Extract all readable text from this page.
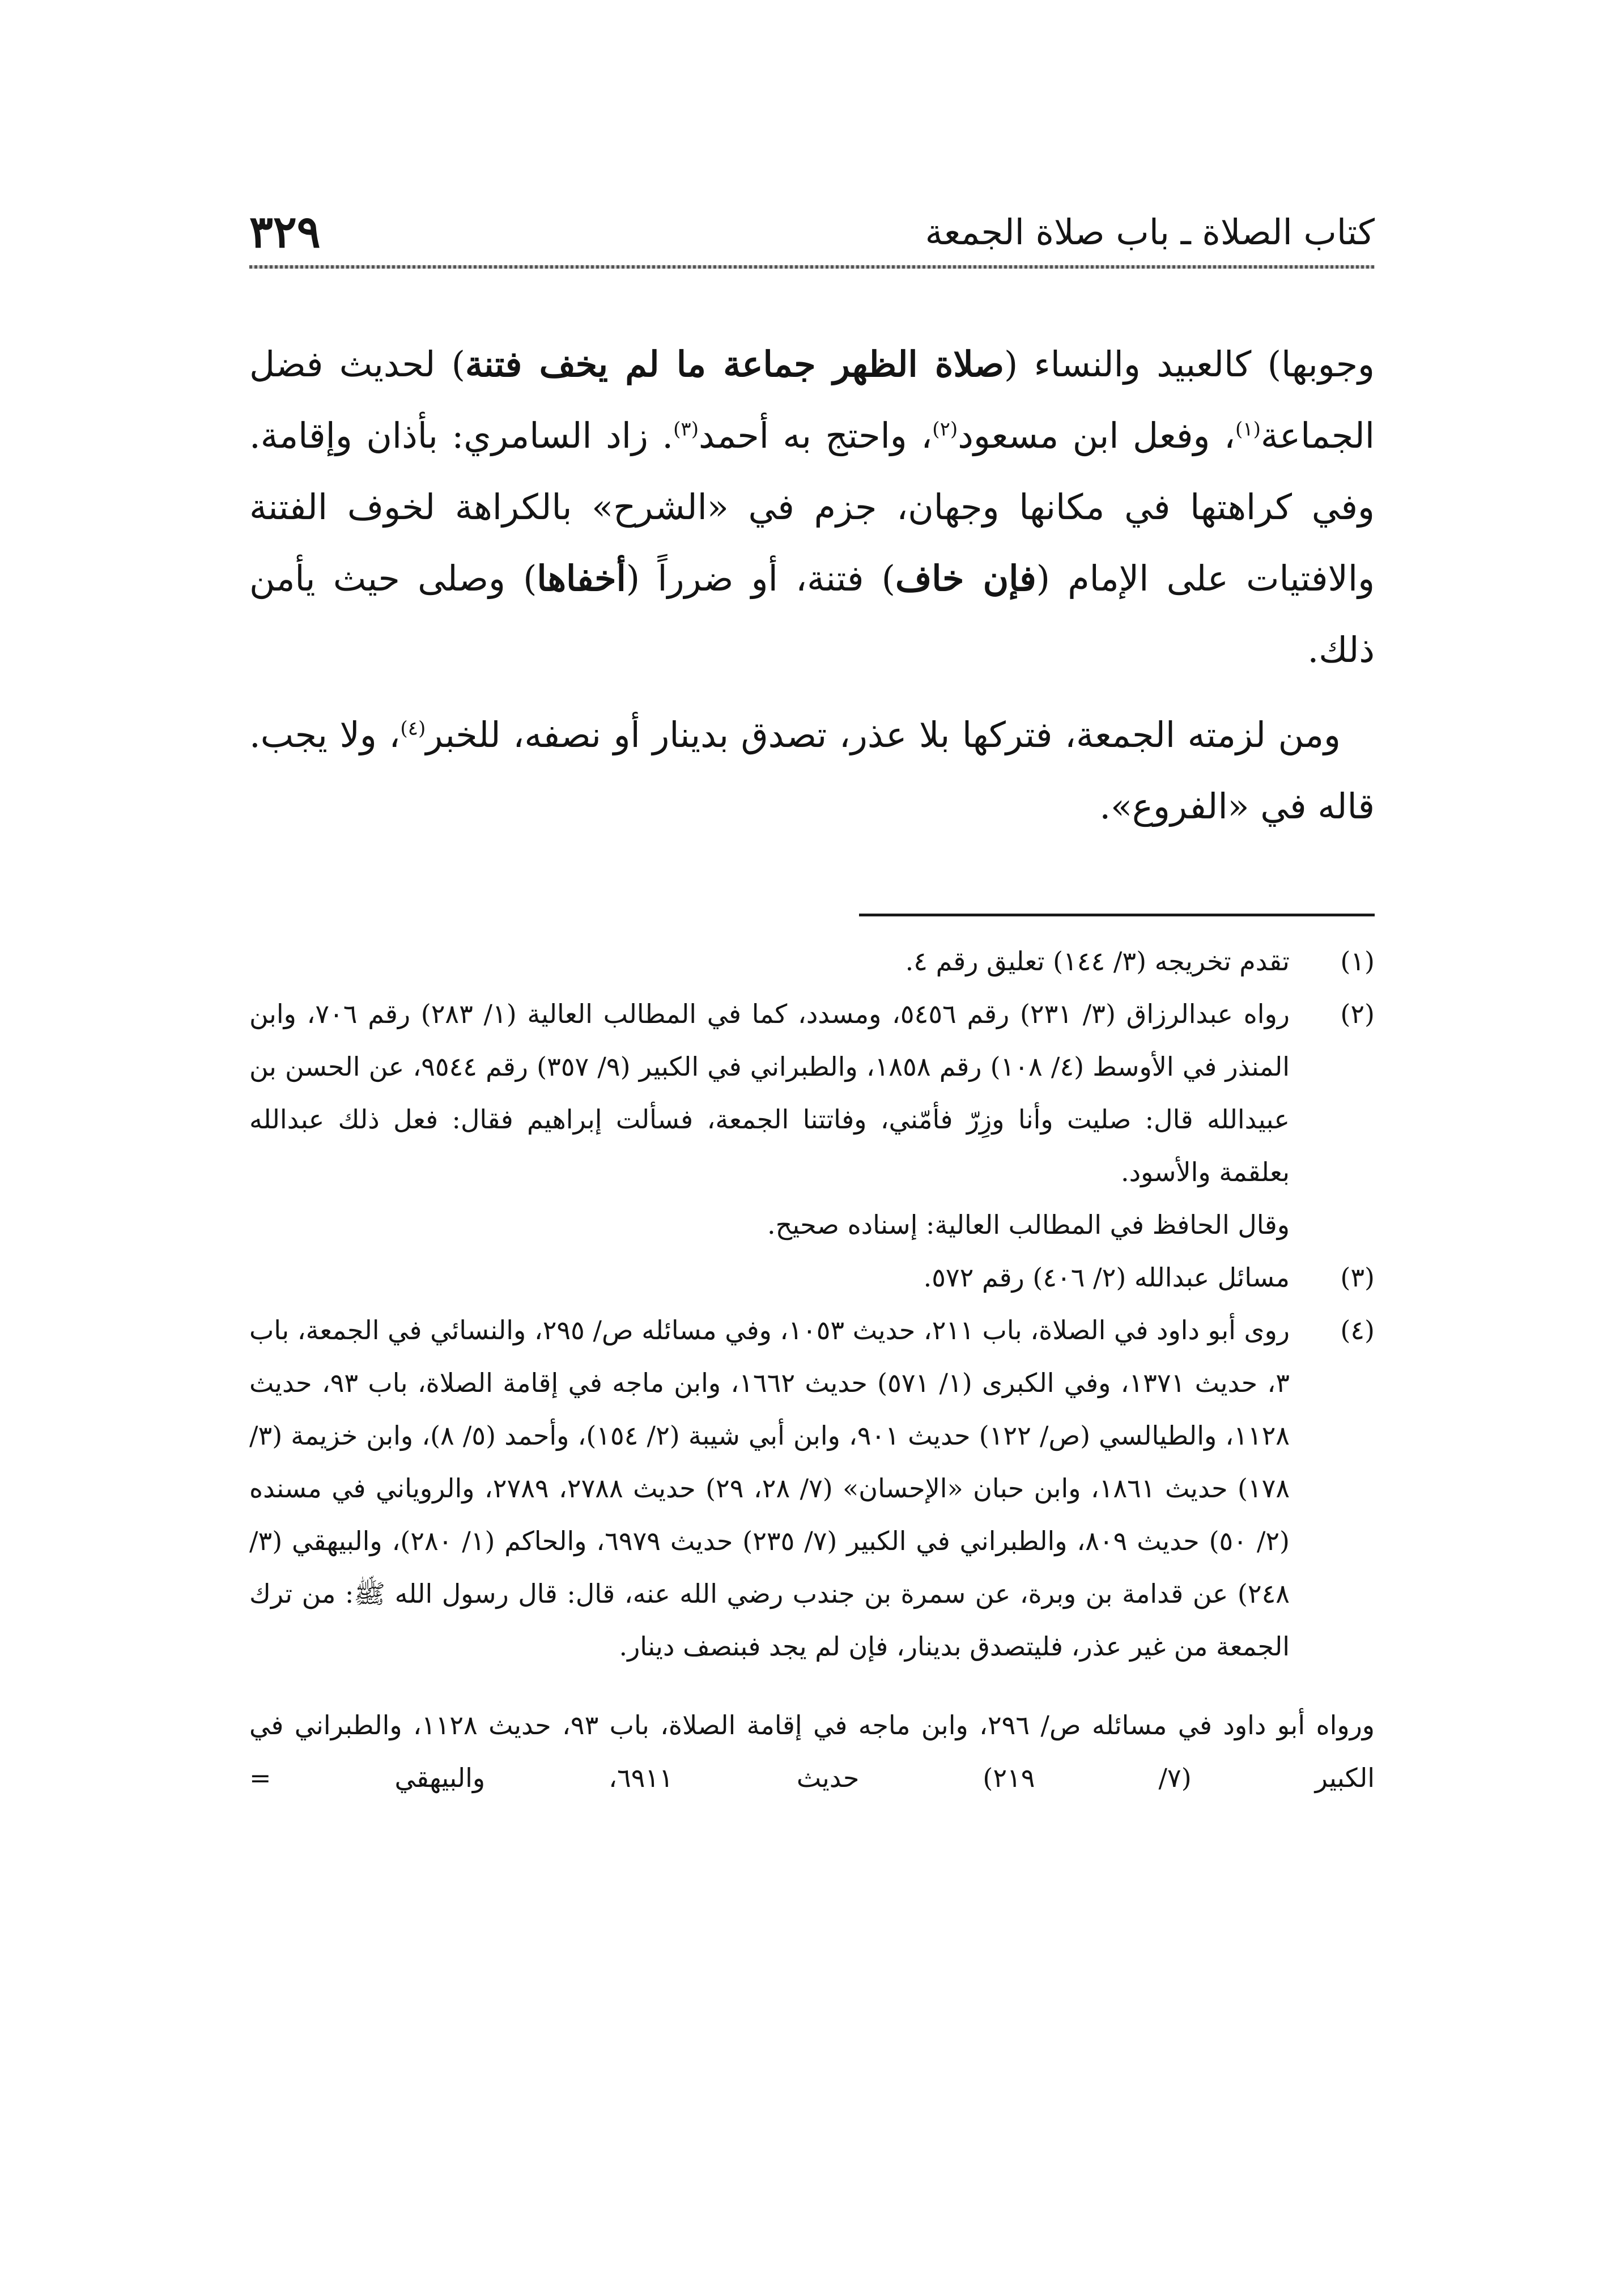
٣٢٩	كتاب الصلاة ـ باب صلاة الجمعة

وجوبها) كالعبيد والنساء (صلاة الظهر جماعة ما لم يخف فتنة) لحديث فضل الجماعة$^{(١)}$، وفعل ابن مسعود$^{(٢)}$، واحتج به أحمد$^{(٣)}$. زاد السامري: بأذان وإقامة. وفي كراهتها في مكانها وجهان، جزم في «الشرح» بالكراهة لخوف الفتنة والافتيات على الإمام (فإن خاف) فتنة، أو ضرراً (أخفاها) وصلى حيث يأمن ذلك.

ومن لزمته الجمعة، فتركها بلا عذر، تصدق بدينار أو نصفه، للخبر$^{(٤)}$، ولا يجب. قاله في «الفروع».

(١)

تقدم تخريجه (٣/ ١٤٤) تعليق رقم ٤.

(٢)

رواه عبدالرزاق (٣/ ٢٣١) رقم ٥٤٥٦، ومسدد، كما في المطالب العالية (١/ ٢٨٣) رقم ٧٠٦، وابن المنذر في الأوسط (٤/ ١٠٨) رقم ١٨٥٨، والطبراني في الكبير (٩/ ٣٥٧) رقم ٩٥٤٤، عن الحسن بن عبيدالله قال: صليت وأنا وزِرّ فأمّني، وفاتتنا الجمعة، فسألت إبراهيم فقال: فعل ذلك عبدالله بعلقمة والأسود.

وقال الحافظ في المطالب العالية: إسناده صحيح.

(٣)

مسائل عبدالله (٢/ ٤٠٦) رقم ٥٧٢.

(٤)

روى أبو داود في الصلاة، باب ٢١١، حديث ١٠٥٣، وفي مسائله ص/ ٢٩٥، والنسائي في الجمعة، باب ٣، حديث ١٣٧١، وفي الكبرى (١/ ٥٧١) حديث ١٦٦٢، وابن ماجه في إقامة الصلاة، باب ٩٣، حديث ١١٢٨، والطيالسي (ص/ ١٢٢) حديث ٩٠١، وابن أبي شيبة (٢/ ١٥٤)، وأحمد (٥/ ٨)، وابن خزيمة (٣/ ١٧٨) حديث ١٨٦١، وابن حبان «الإحسان» (٧/ ٢٨، ٢٩) حديث ٢٧٨٨، ٢٧٨٩، والروياني في مسنده (٢/ ٥٠) حديث ٨٠٩، والطبراني في الكبير (٧/ ٢٣٥) حديث ٦٩٧٩، والحاكم (١/ ٢٨٠)، والبيهقي (٣/ ٢٤٨) عن قدامة بن وبرة، عن سمرة بن جندب رضي الله عنه، قال: قال رسول الله ﷺ: من ترك الجمعة من غير عذر، فليتصدق بدينار، فإن لم يجد فبنصف دينار.

ورواه أبو داود في مسائله ص/ ٢٩٦، وابن ماجه في إقامة الصلاة، باب ٩٣، حديث ١١٢٨، والطبراني في الكبير (٧/ ٢١٩) حديث ٦٩١١، والبيهقي =
